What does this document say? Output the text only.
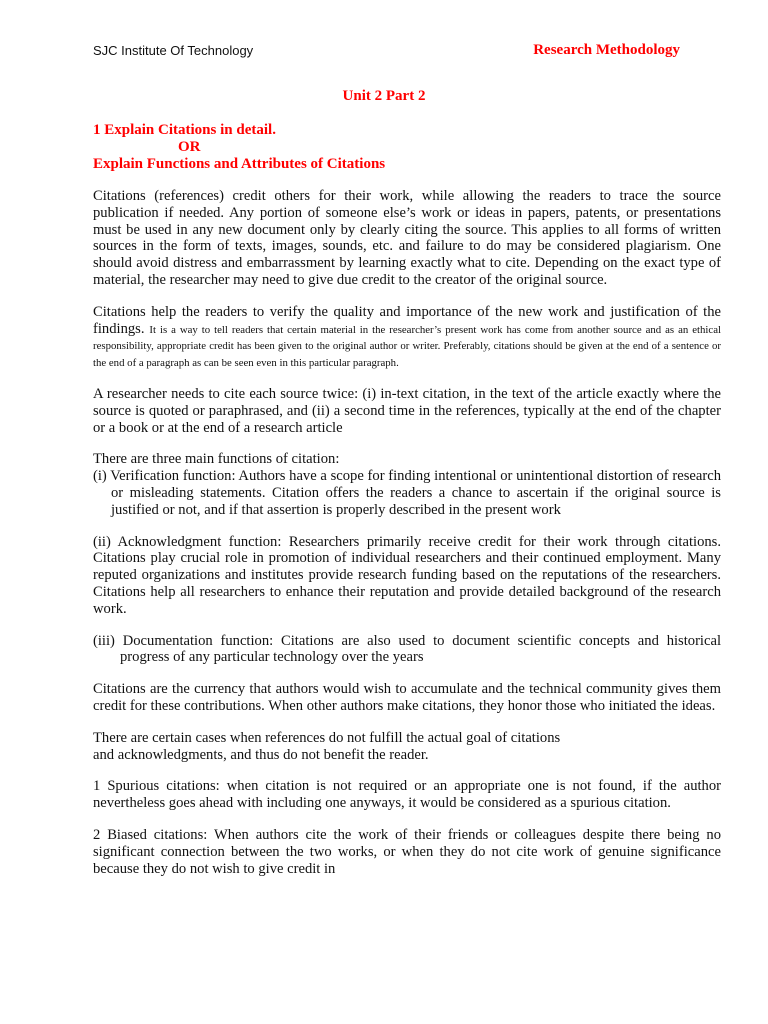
SJC Institute Of Technology	Research Methodology
Unit 2 Part 2
1 Explain Citations in detail.
OR
Explain Functions and Attributes of Citations

Citations (references) credit others for their work, while allowing the readers to trace the source publication if needed. Any portion of someone else’s work or ideas in papers, patents, or presentations must be used in any new document only by clearly citing the source. This applies to all forms of written sources in the form of texts, images, sounds, etc. and failure to do may be considered plagiarism. One should avoid distress and embarrassment by learning exactly what to cite. Depending on the exact type of material, the researcher may need to give due credit to the creator of the original source.

Citations help the readers to verify the quality and importance of the new work and justification of the findings. It is a way to tell readers that certain material in the researcher’s present work has come from another source and as an ethical responsibility, appropriate credit has been given to the original author or writer. Preferably, citations should be given at the end of a sentence or the end of a paragraph as can be seen even in this particular paragraph.

A researcher needs to cite each source twice: (i) in-text citation, in the text of the article exactly where the source is quoted or paraphrased, and (ii) a second time in the references, typically at the end of the chapter or a book or at the end of a research article

There are three main functions of citation:

(i) Verification function: Authors have a scope for finding intentional or unintentional distortion of research or misleading statements. Citation offers the readers a chance to ascertain if the original source is justified or not, and if that assertion is properly described in the present work

(ii) Acknowledgment function: Researchers primarily receive credit for their work through citations. Citations play crucial role in promotion of individual researchers and their continued employment. Many reputed organizations and institutes provide research funding based on the reputations of the researchers. Citations help all researchers to enhance their reputation and provide detailed background of the research work.

(iii) Documentation function: Citations are also used to document scientific concepts and historical progress of any particular technology over the years

Citations are the currency that authors would wish to accumulate and the technical community gives them credit for these contributions. When other authors make citations, they honor those who initiated the ideas.

There are certain cases when references do not fulfill the actual goal of citations
and acknowledgments, and thus do not benefit the reader.

1 Spurious citations: when citation is not required or an appropriate one is not found, if the author nevertheless goes ahead with including one anyways, it would be considered as a spurious citation.

2 Biased citations: When authors cite the work of their friends or colleagues despite there being no significant connection between the two works, or when they do not cite work of genuine significance because they do not wish to give credit in
